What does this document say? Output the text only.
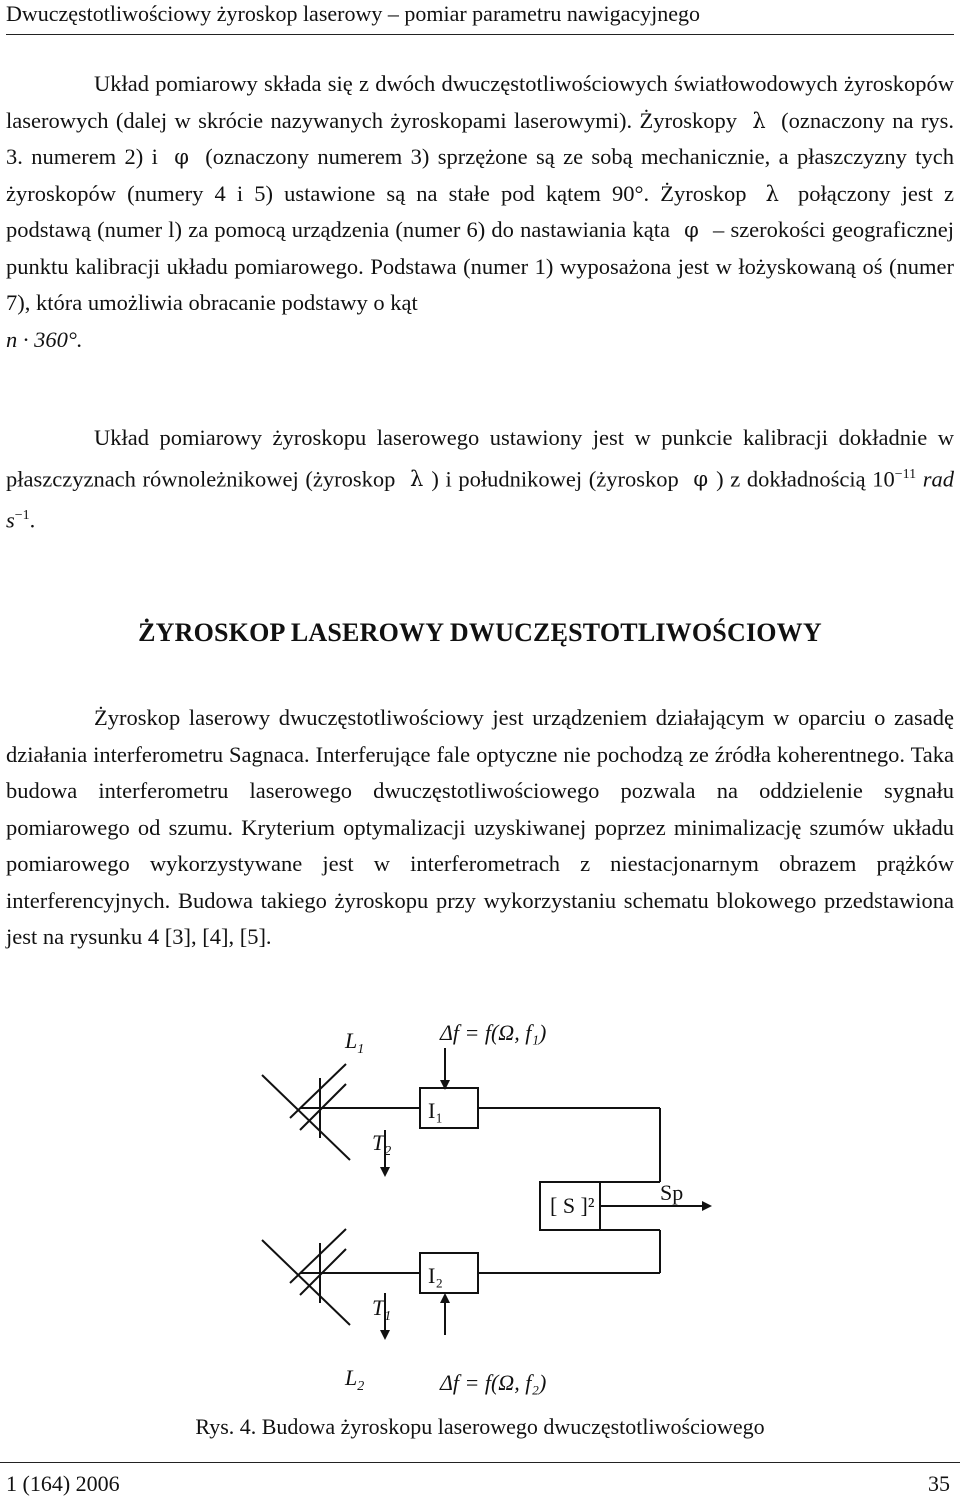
Dwuczęstotliwościowy żyroskop laserowy – pomiar parametru nawigacyjnego

Układ pomiarowy składa się z dwóch dwuczęstotliwościowych światłowodowych żyroskopów laserowych (dalej w skrócie nazywanych żyroskopami laserowymi). Żyroskopy λ (oznaczony na rys. 3. numerem 2) i φ (oznaczony numerem 3) sprzężone są ze sobą mechanicznie, a płaszczyzny tych żyroskopów (numery 4 i 5) ustawione są na stałe pod kątem 90°. Żyroskop λ połączony jest z podstawą (numer l) za pomocą urządzenia (numer 6) do nastawiania kąta φ – szerokości geograficznej punktu kalibracji układu pomiarowego. Podstawa (numer 1) wyposażona jest w łożyskowaną oś (numer 7), która umożliwia obracanie podstawy o kąt
n · 360°.

Układ pomiarowy żyroskopu laserowego ustawiony jest w punkcie kalibracji dokładnie w płaszczyznach równoleżnikowej (żyroskop λ ) i południkowej (żyroskop φ ) z dokładnością $10^{-11}$ rad $s^{-1}$.

ŻYROSKOP LASEROWY DWUCZĘSTOTLIWOŚCIOWY

Żyroskop laserowy dwuczęstotliwościowy jest urządzeniem działającym w oparciu o zasadę działania interferometru Sagnaca. Interferujące fale optyczne nie pochodzą ze źródła koherentnego. Taka budowa interferometru laserowego dwuczęstotliwościowego pozwala na oddzielenie sygnału pomiarowego od szumu. Kryterium optymalizacji uzyskiwanej poprzez minimalizację szumów układu pomiarowego wykorzystywane jest w interferometrach z niestacjonarnym obrazem prążków interferencyjnych. Budowa takiego żyroskopu przy wykorzystaniu schematu blokowego przedstawiona jest na rysunku 4 [3], [4], [5].

$L_1$
Δf = f(Ω, f₁)
I₁
$T_2$
[ S ]²
Sp
$T_1$
I₂
$L_2$	Δf = f(Ω, f₂)
Rys. 4. Budowa żyroskopu laserowego dwuczęstotliwościowego
1 (164) 2006	35
